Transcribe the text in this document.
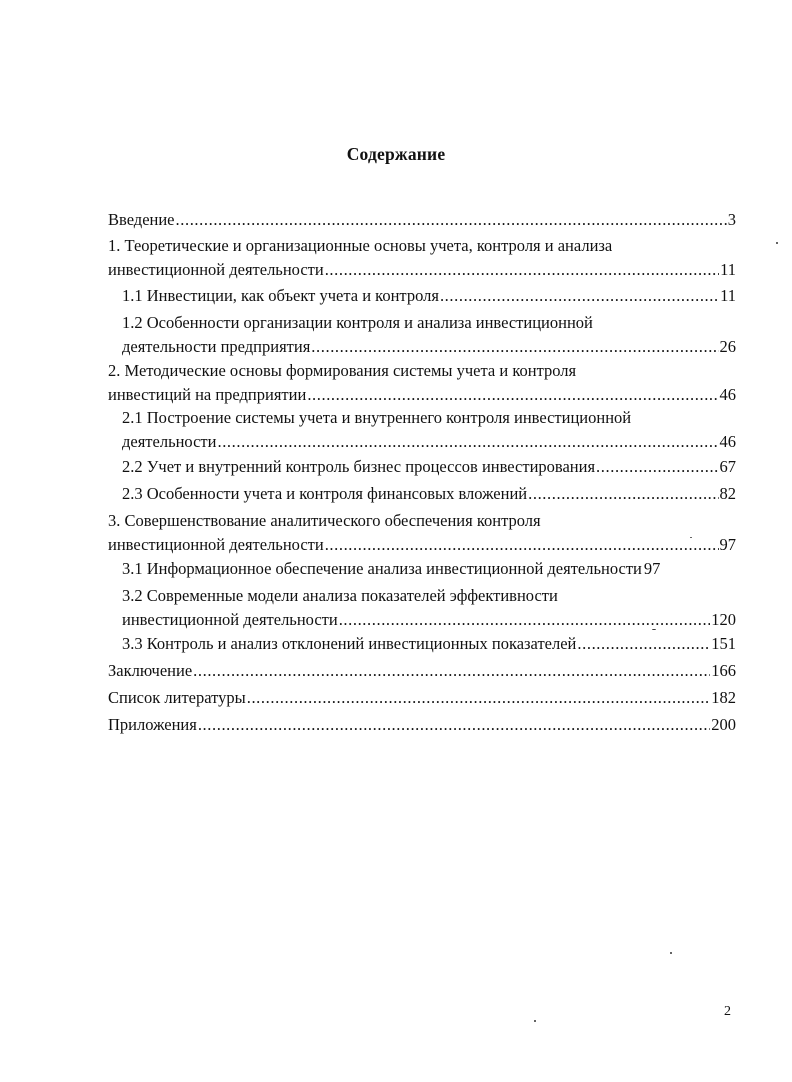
Содержание
Введение .....	3
1. Теоретические и организационные основы учета, контроля и анализа
инвестиционной деятельности .....	11
1.1 Инвестиции, как объект учета и контроля .....	11
1.2 Особенности организации контроля и анализа инвестиционной
деятельности предприятия .....	26
2. Методические основы формирования системы учета и контроля
инвестиций на предприятии .....	46
2.1 Построение системы учета и внутреннего контроля инвестиционной
деятельности .....	46
2.2 Учет и внутренний контроль бизнес процессов инвестирования .....	67
2.3 Особенности учета и контроля финансовых вложений .....	82
3. Совершенствование аналитического обеспечения контроля
инвестиционной деятельности .....	97
3.1 Информационное обеспечение анализа инвестиционной деятельности 97
3.2 Современные модели анализа показателей эффективности
инвестиционной деятельности .....	120
3.3 Контроль и анализ отклонений инвестиционных показателей .....	151
Заключение .....	166
Список литературы .....	182
Приложения .....	200
2
